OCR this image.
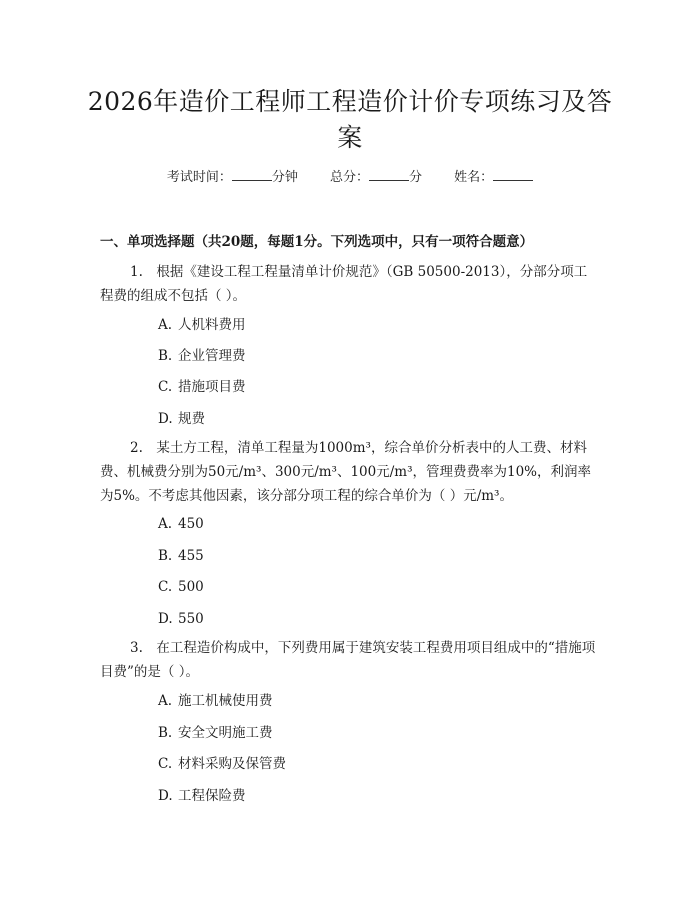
2026年造价工程师工程造价计价专项练习及答案
考试时间：	分钟 总分：	分 姓名：
一、单项选择题（共20题，每题1分。下列选项中，只有一项符合题意）

1.　根据《建设工程工程量清单计价规范》（GB 50500-2013），分部分项工程费的组成不包括（ ）。

A. 人机料费用
B. 企业管理费
C. 措施项目费
D. 规费

2.　某土方工程，清单工程量为1000m³，综合单价分析表中的人工费、材料费、机械费分别为50元/m³、300元/m³、100元/m³，管理费费率为10%，利润率为5%。不考虑其他因素，该分部分项工程的综合单价为（ ）元/m³。

A. 450
B. 455
C. 500
D. 550

3.　在工程造价构成中，下列费用属于建筑安装工程费用项目组成中的“措施项目费”的是（ ）。

A. 施工机械使用费
B. 安全文明施工费
C. 材料采购及保管费
D. 工程保险费
